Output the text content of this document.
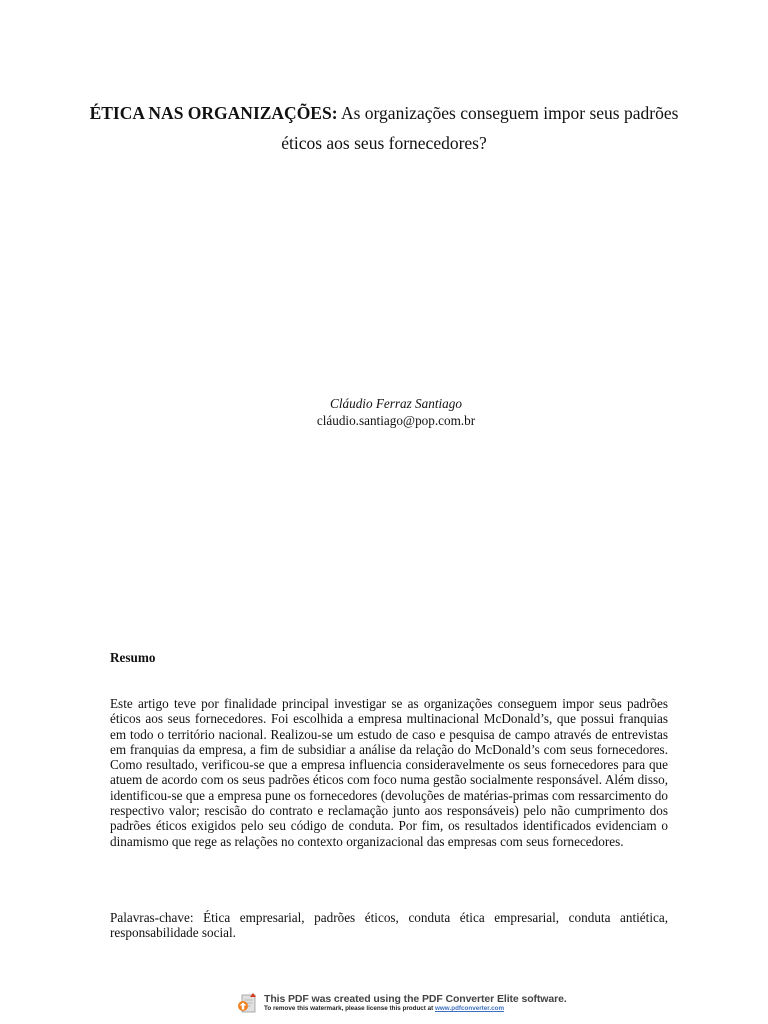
ÉTICA NAS ORGANIZAÇÕES: As organizações conseguem impor seus padrões éticos aos seus fornecedores?
Cláudio Ferraz Santiago
cláudio.santiago@pop.com.br
Resumo

Este artigo teve por finalidade principal investigar se as organizações conseguem impor seus padrões éticos aos seus fornecedores. Foi escolhida a empresa multinacional McDonald’s, que possui franquias em todo o território nacional. Realizou-se um estudo de caso e pesquisa de campo através de entrevistas em franquias da empresa, a fim de subsidiar a análise da relação do McDonald’s com seus fornecedores. Como resultado, verificou-se que a empresa influencia consideravelmente os seus fornecedores para que atuem de acordo com os seus padrões éticos com foco numa gestão socialmente responsável. Além disso, identificou-se que a empresa pune os fornecedores (devoluções de matérias-primas com ressarcimento do respectivo valor; rescisão do contrato e reclamação junto aos responsáveis) pelo não cumprimento dos padrões éticos exigidos pelo seu código de conduta. Por fim, os resultados identificados evidenciam o dinamismo que rege as relações no contexto organizacional das empresas com seus fornecedores.

Palavras-chave: Ética empresarial, padrões éticos, conduta ética empresarial, conduta antiética, responsabilidade social.

This PDF was created using the PDF Converter Elite software.
To remove this watermark, please license this product at www.pdfconverter.com
